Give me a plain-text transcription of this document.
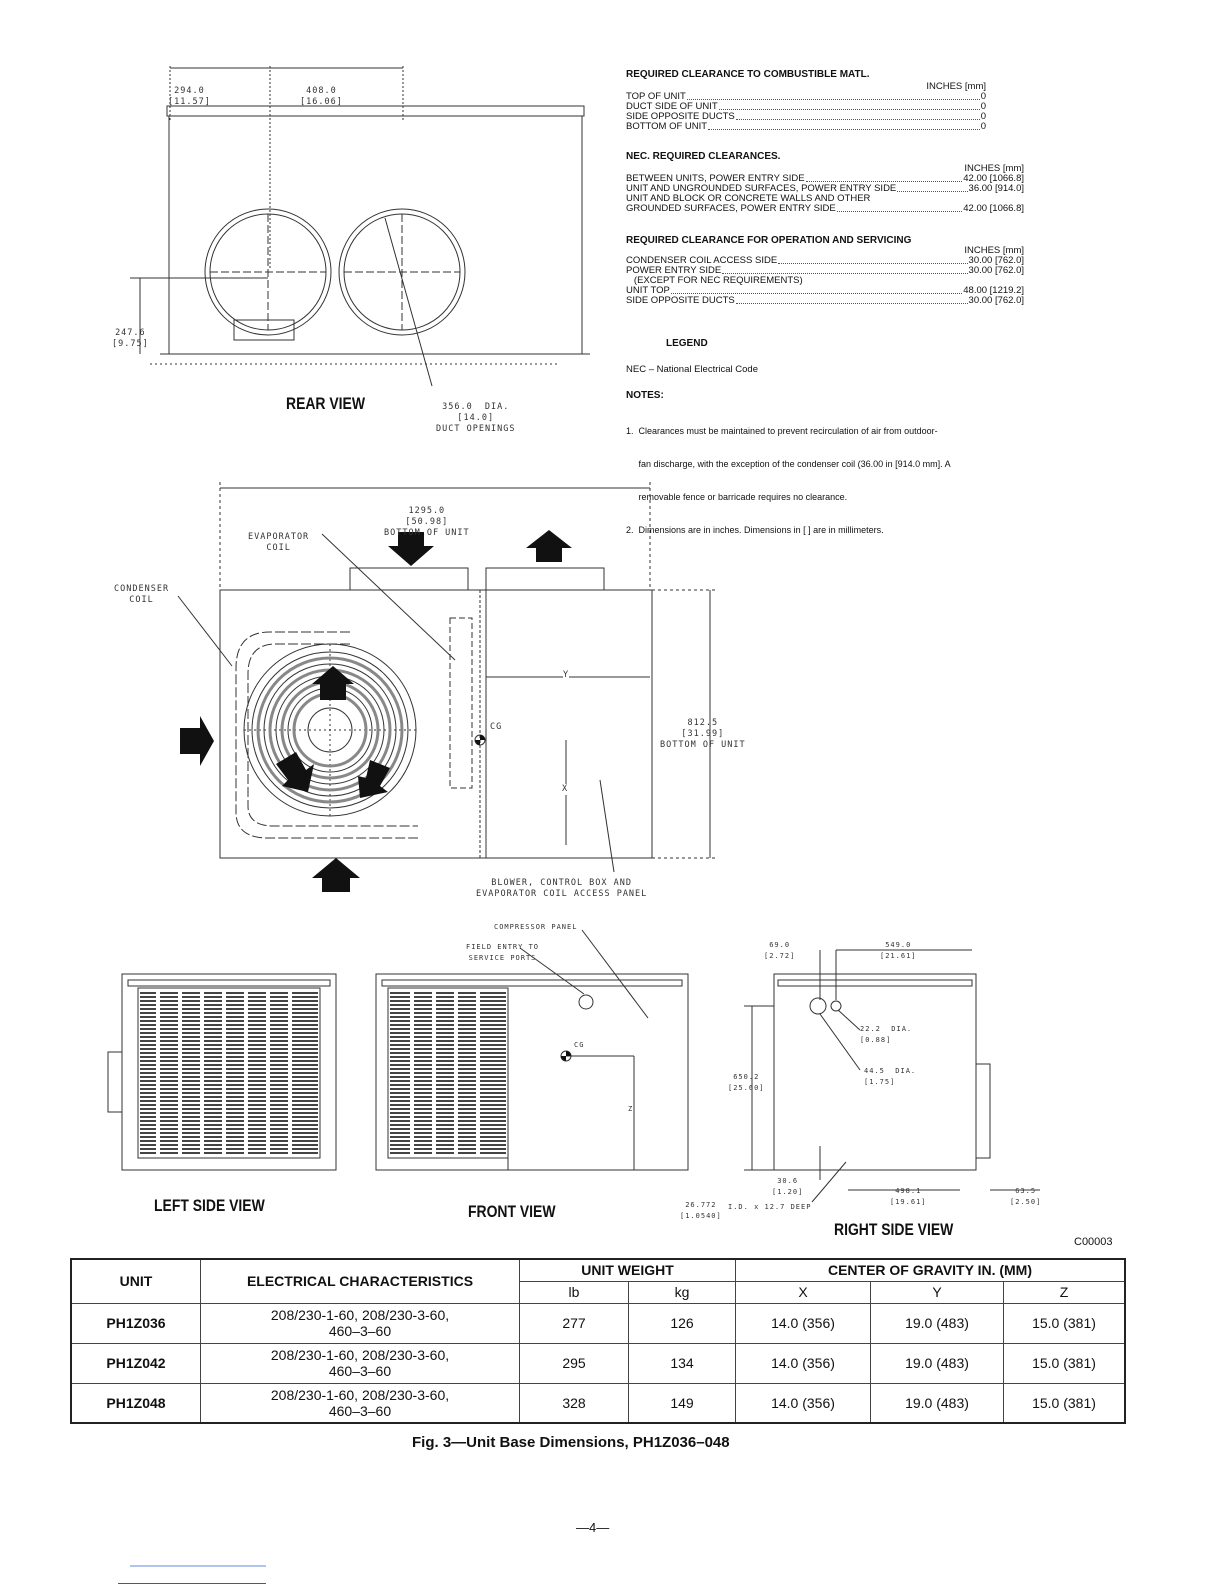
294.0
[11.57]

408.0
[16.06]

247.6
[9.75]

356.0  DIA.
[14.0]
DUCT OPENINGS

REAR VIEW

1295.0
[50.98]
BOTTOM OF UNIT

EVAPORATOR
COIL
CONDENSER
COIL

812.5
[31.99]
BOTTOM OF UNIT

CG
Y
X
BLOWER, CONTROL BOX AND
EVAPORATOR COIL ACCESS PANEL
COMPRESSOR PANEL
FIELD ENTRY TO
SERVICE PORTS
CG
Z
69.0
[2.72]
549.0
[21.61]
22.2  DIA.
[0.88]
44.5  DIA.
[1.75]
650.2
[25.60]
30.6
[1.20]	498.1
[19.61]
63.5
[2.50]
26.772
[1.0540]
I.D. x 12.7 DEEP
LEFT SIDE VIEW	FRONT VIEW
RIGHT SIDE VIEW
C00003
REQUIRED CLEARANCE TO COMBUSTIBLE MATL.
INCHES [mm]
TOP OF UNIT	0
DUCT SIDE OF UNIT	0
SIDE OPPOSITE DUCTS	0
BOTTOM OF UNIT	0
NEC. REQUIRED CLEARANCES.
INCHES [mm]
BETWEEN UNITS, POWER ENTRY SIDE	42.00 [1066.8]
UNIT AND UNGROUNDED SURFACES, POWER ENTRY SIDE	36.00 [914.0]
UNIT AND BLOCK OR CONCRETE WALLS AND OTHER
GROUNDED SURFACES, POWER ENTRY SIDE	42.00 [1066.8]
REQUIRED CLEARANCE FOR OPERATION AND SERVICING
INCHES [mm]
CONDENSER COIL ACCESS SIDE	30.00 [762.0]
POWER ENTRY SIDE	30.00 [762.0]
(EXCEPT FOR NEC REQUIREMENTS)
UNIT TOP	48.00 [1219.2]
SIDE OPPOSITE DUCTS	30.00 [762.0]
LEGEND
NEC – National Electrical Code
NOTES:

1.  Clearances must be maintained to prevent recirculation of air from outdoor-

fan discharge, with the exception of the condenser coil (36.00 in [914.0 mm]. A

removable fence or barricade requires no clearance.

2.  Dimensions are in inches. Dimensions in [ ] are in millimeters.

UNIT	ELECTRICAL CHARACTERISTICS	UNIT WEIGHT		CENTER OF GRAVITY IN. (MM)		
		lb	kg	X	Y	Z
PH1Z036	208/230-1-60, 208/230-3-60,
460–3–60	277	126	14.0 (356)	19.0 (483)	15.0 (381)
PH1Z042	208/230-1-60, 208/230-3-60,
460–3–60	295	134	14.0 (356)	19.0 (483)	15.0 (381)
PH1Z048	208/230-1-60, 208/230-3-60,
460–3–60	328	149	14.0 (356)	19.0 (483)	15.0 (381)
Fig. 3—Unit Base Dimensions, PH1Z036–048
—4—
